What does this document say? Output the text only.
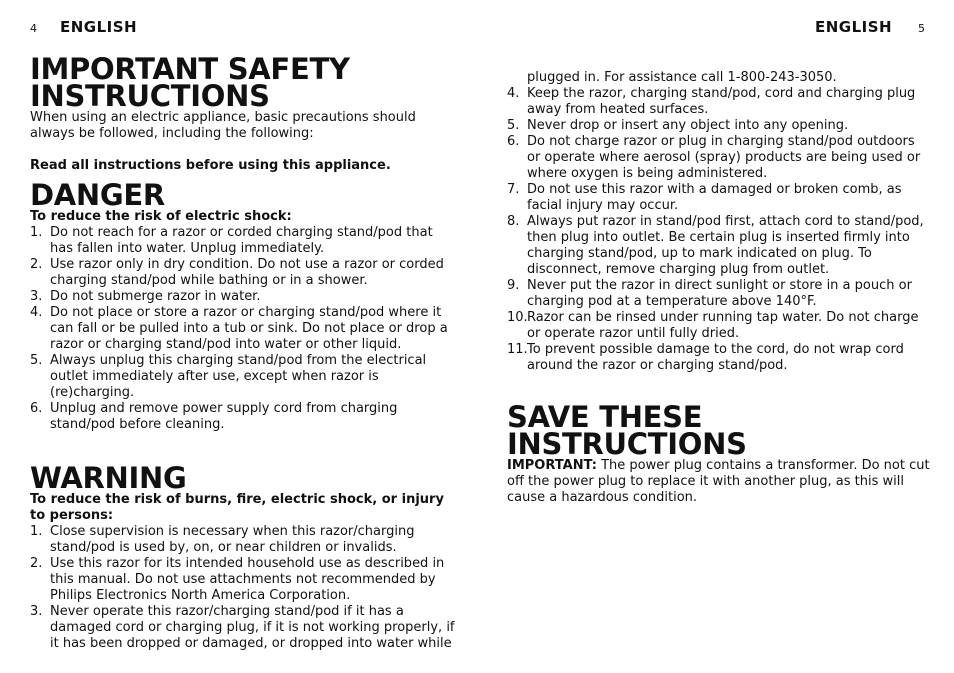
4 ENGLISH
IMPORTANT SAFETY INSTRUCTIONS

When using an electric appliance, basic precautions should always be followed, including the following:

Read all instructions before using this appliance.

DANGER

To reduce the risk of electric shock:

1. Do not reach for a razor or corded charging stand/pod that has fallen into water. Unplug immediately.
2. Use razor only in dry condition. Do not use a razor or corded charging stand/pod while bathing or in a shower.
3. Do not submerge razor in water.
4. Do not place or store a razor or charging stand/pod where it can fall or be pulled into a tub or sink. Do not place or drop a razor or charging stand/pod into water or other liquid.
5. Always unplug this charging stand/pod from the electrical outlet immediately after use, except when razor is (re)charging.
6. Unplug and remove power supply cord from charging stand/pod before cleaning.
WARNING

To reduce the risk of burns, fire, electric shock, or injury to persons:

1. Close supervision is necessary when this razor/charging stand/pod is used by, on, or near children or invalids.
2. Use this razor for its intended household use as described in this manual. Do not use attachments not recommended by Philips Electronics North America Corporation.
3. Never operate this razor/charging stand/pod if it has a damaged cord or charging plug, if it is not working properly, if it has been dropped or damaged, or dropped into water while
ENGLISH 5

plugged in. For assistance call 1-800-243-3050.

4. Keep the razor, charging stand/pod, cord and charging plug away from heated surfaces.
5. Never drop or insert any object into any opening.
6. Do not charge razor or plug in charging stand/pod outdoors or operate where aerosol (spray) products are being used or where oxygen is being administered.
7. Do not use this razor with a damaged or broken comb, as facial injury may occur.
8. Always put razor in stand/pod first, attach cord to stand/pod, then plug into outlet. Be certain plug is inserted firmly into charging stand/pod, up to mark indicated on plug. To disconnect, remove charging plug from outlet.
9. Never put the razor in direct sunlight or store in a pouch or charging pod at a temperature above 140°F.
10. Razor can be rinsed under running tap water. Do not charge or operate razor until fully dried.
11. To prevent possible damage to the cord, do not wrap cord around the razor or charging stand/pod.
SAVE THESE INSTRUCTIONS

IMPORTANT: The power plug contains a transformer. Do not cut off the power plug to replace it with another plug, as this will cause a hazardous condition.
